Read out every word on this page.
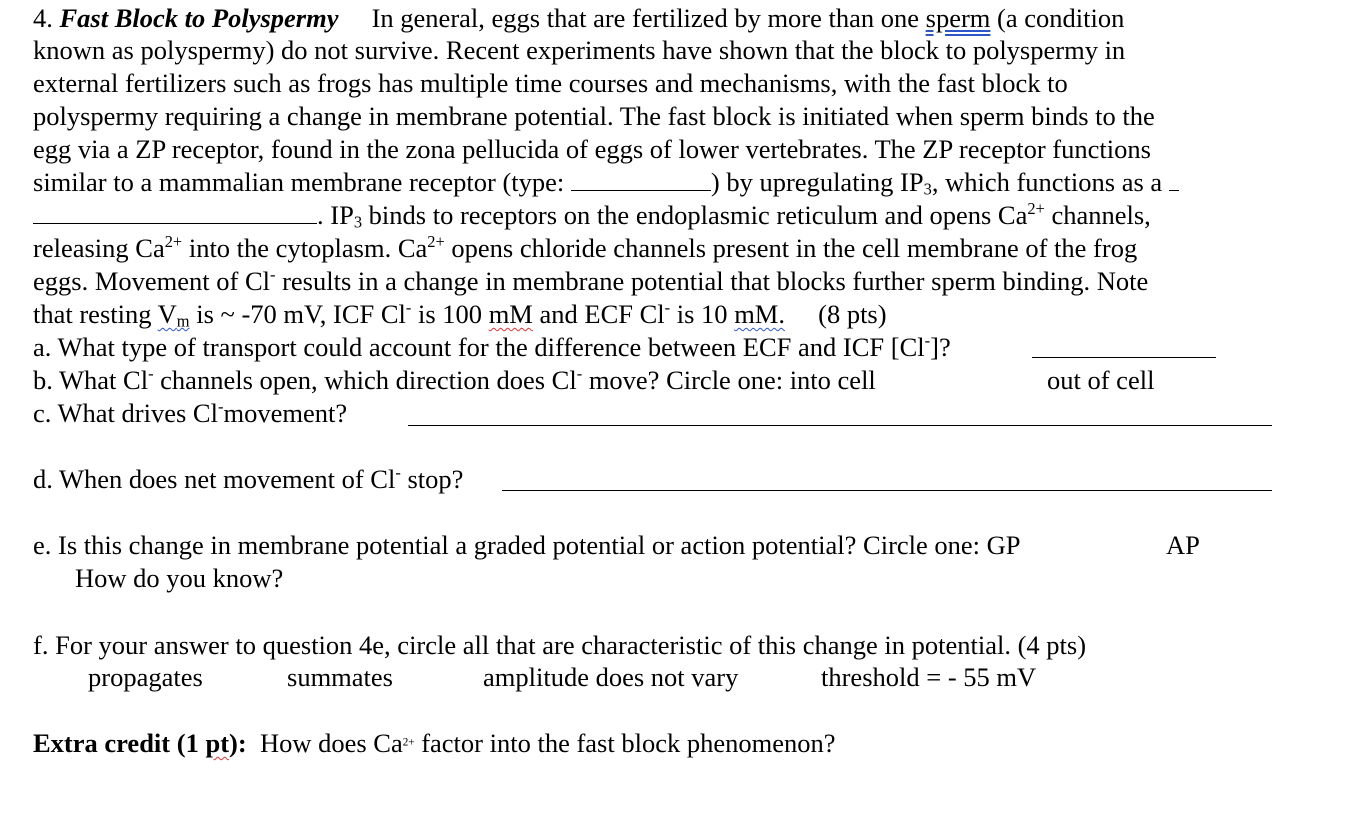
4. Fast Block to Polyspermy In general, eggs that are fertilized by more than one sperm (a condition
known as polyspermy) do not survive. Recent experiments have shown that the block to polyspermy in
external fertilizers such as frogs has multiple time courses and mechanisms, with the fast block to
polyspermy requiring a change in membrane potential. The fast block is initiated when sperm binds to the
egg via a ZP receptor, found in the zona pellucida of eggs of lower vertebrates. The ZP receptor functions
similar to a mammalian membrane receptor (type:	) by upregulating $IP_3$, which functions as a
. $IP_3$ binds to receptors on the endoplasmic reticulum and opens $Ca^{2+}$ channels,
releasing $Ca^{2+}$ into the cytoplasm. $Ca^{2+}$ opens chloride channels present in the cell membrane of the frog
eggs. Movement of Cl- results in a change in membrane potential that blocks further sperm binding. Note
that resting $V_m$ is ~ -70 mV, ICF Cl- is 100 mM and ECF Cl- is 10 mM. (8 pts)
a. What type of transport could account for the difference between ECF and ICF [Cl-]?
b. What Cl- channels open, which direction does Cl- move? Circle one: into cell	out of cell
c. What drives Cl-movement?
d. When does net movement of Cl- stop?
e. Is this change in membrane potential a graded potential or action potential? Circle one: GP	AP
How do you know?
f. For your answer to question 4e, circle all that are characteristic of this change in potential. (4 pts)
propagates	summates	amplitude does not vary	threshold = - 55 mV
Extra credit (1 pt): How does $Ca^{2+}$ factor into the fast block phenomenon?
